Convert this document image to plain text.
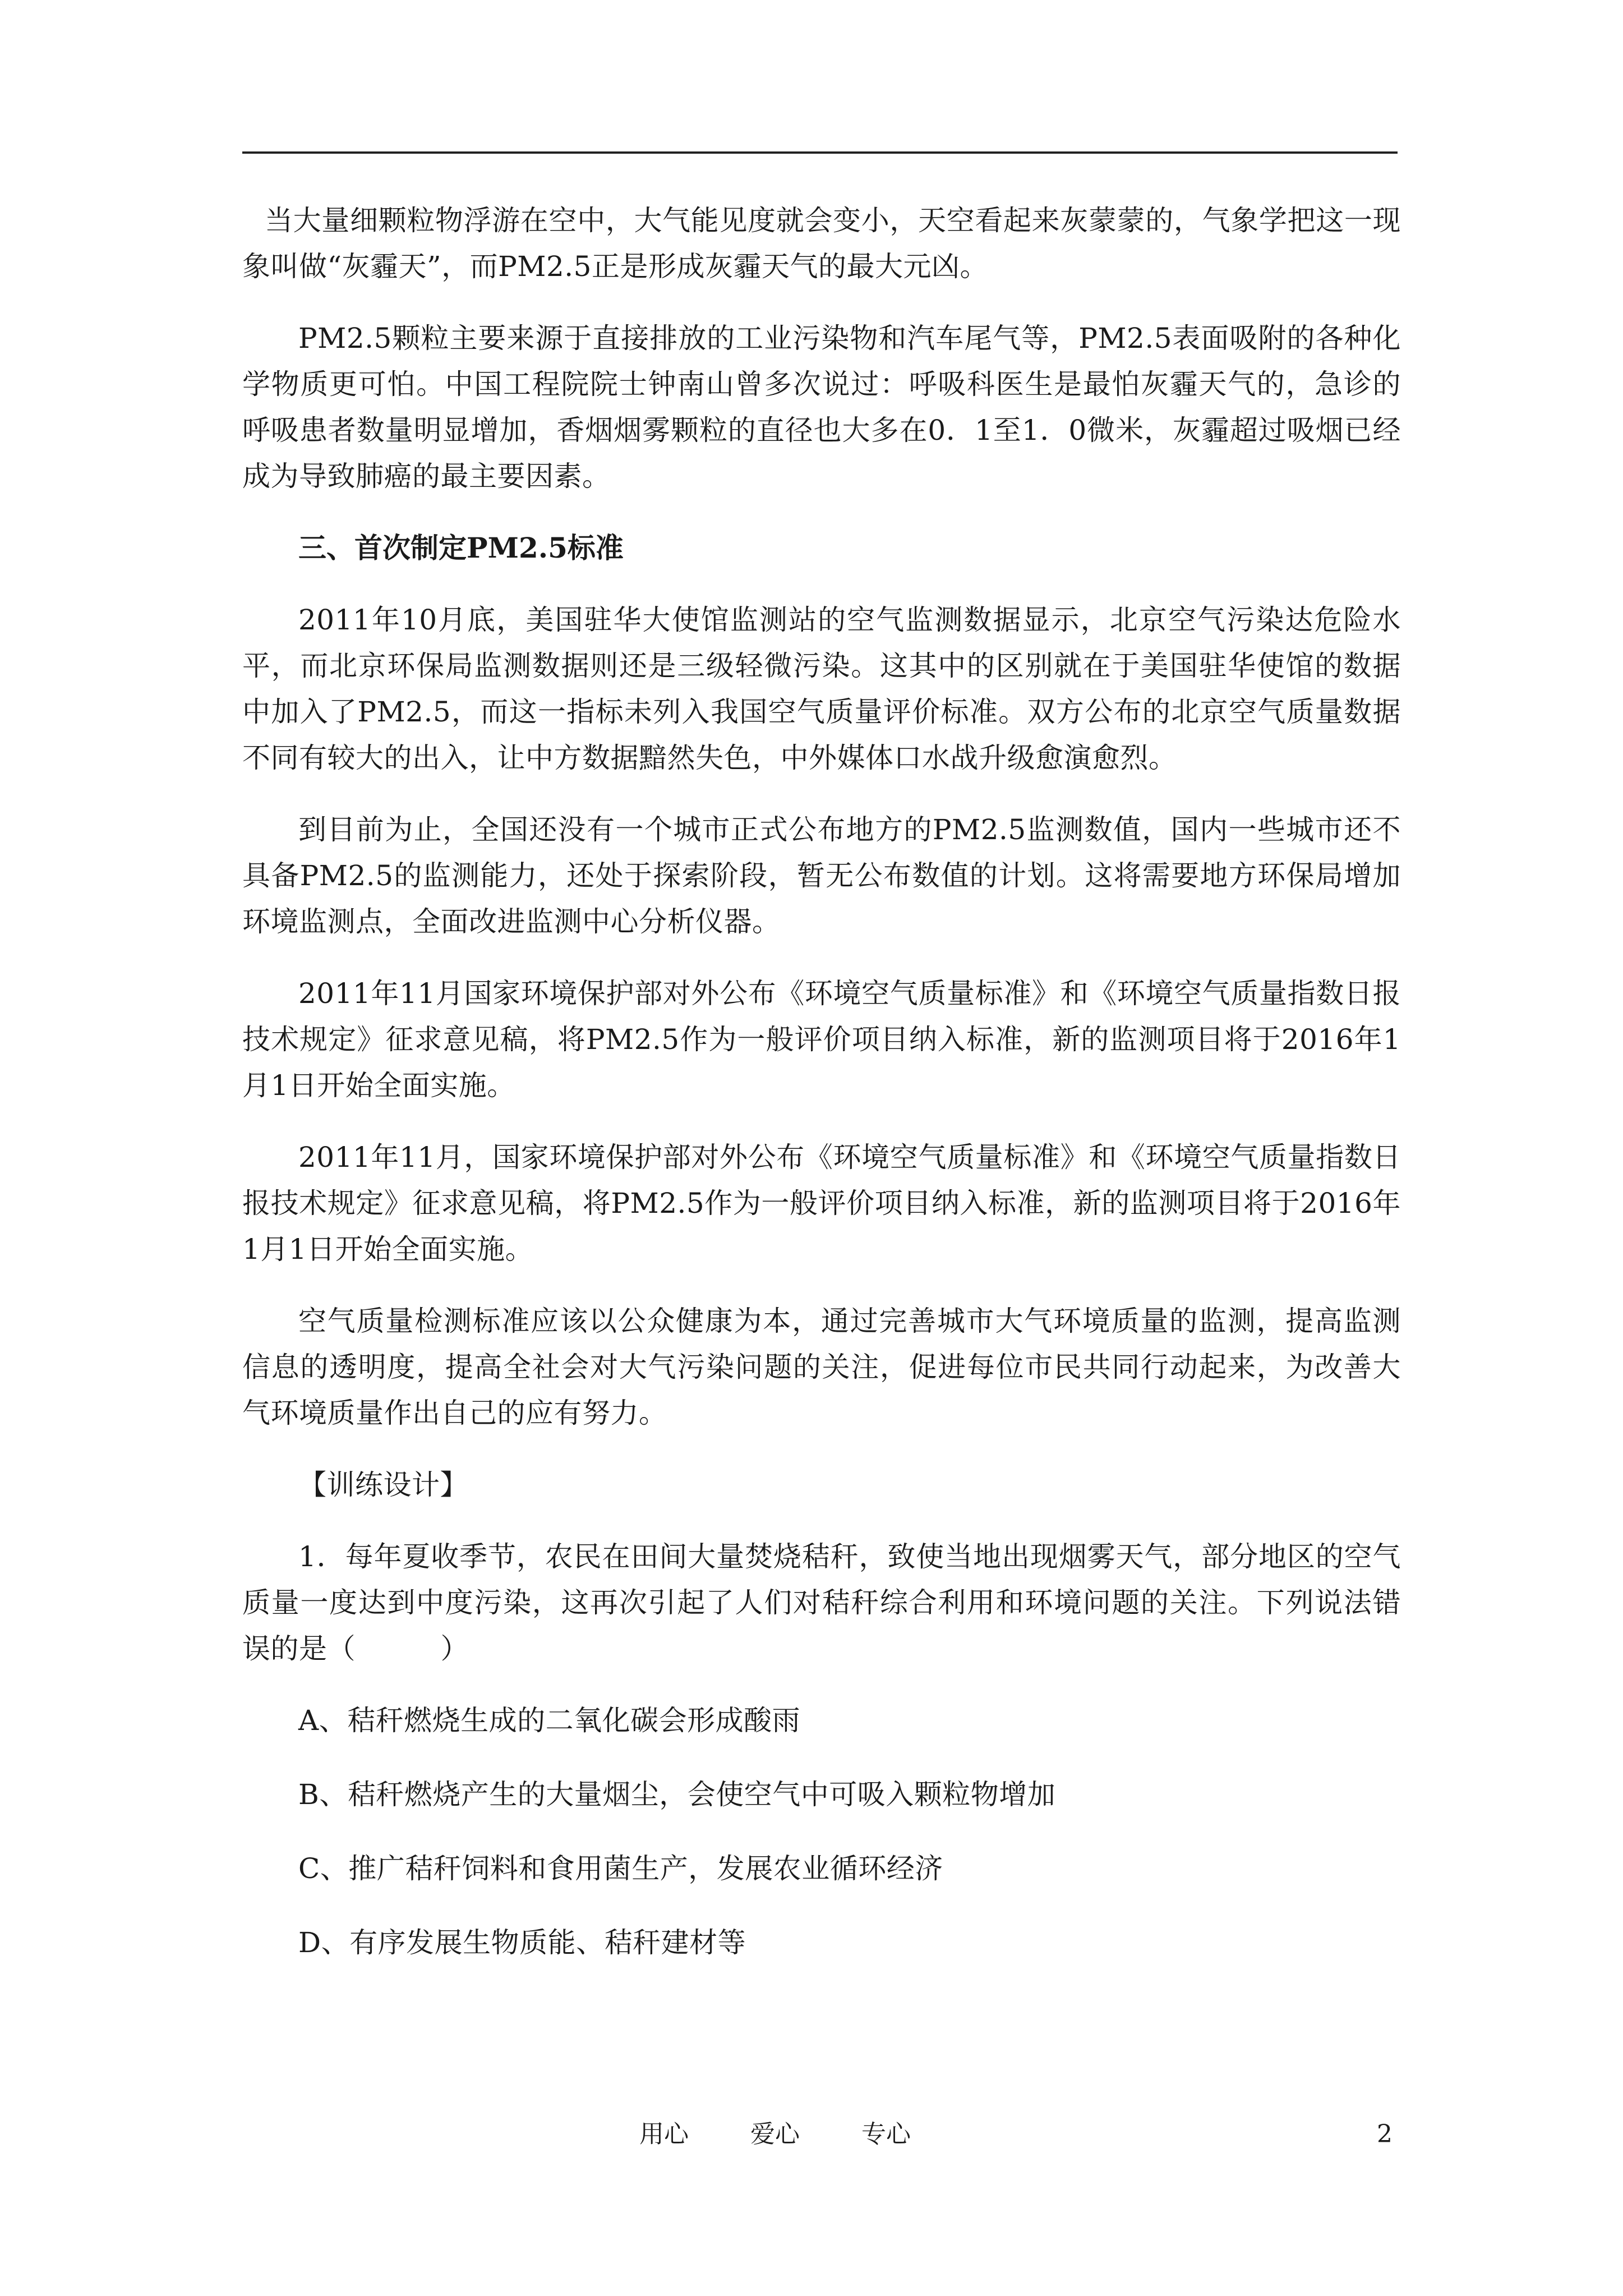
当大量细颗粒物浮游在空中，大气能见度就会变小，天空看起来灰蒙蒙的，气象学把这一现象叫做“灰霾天”，而PM2.5正是形成灰霾天气的最大元凶。

PM2.5颗粒主要来源于直接排放的工业污染物和汽车尾气等，PM2.5表面吸附的各种化学物质更可怕。中国工程院院士钟南山曾多次说过：呼吸科医生是最怕灰霾天气的，急诊的呼吸患者数量明显增加，香烟烟雾颗粒的直径也大多在0．1至1．0微米，灰霾超过吸烟已经成为导致肺癌的最主要因素。

三、首次制定PM2.5标准

2011年10月底，美国驻华大使馆监测站的空气监测数据显示，北京空气污染达危险水平，而北京环保局监测数据则还是三级轻微污染。这其中的区别就在于美国驻华使馆的数据中加入了PM2.5，而这一指标未列入我国空气质量评价标准。双方公布的北京空气质量数据不同有较大的出入，让中方数据黯然失色，中外媒体口水战升级愈演愈烈。

到目前为止，全国还没有一个城市正式公布地方的PM2.5监测数值，国内一些城市还不具备PM2.5的监测能力，还处于探索阶段，暂无公布数值的计划。这将需要地方环保局增加环境监测点，全面改进监测中心分析仪器。

2011年11月国家环境保护部对外公布《环境空气质量标准》和《环境空气质量指数日报技术规定》征求意见稿，将PM2.5作为一般评价项目纳入标准，新的监测项目将于2016年1月1日开始全面实施。

2011年11月，国家环境保护部对外公布《环境空气质量标准》和《环境空气质量指数日报技术规定》征求意见稿，将PM2.5作为一般评价项目纳入标准，新的监测项目将于2016年1月1日开始全面实施。

空气质量检测标准应该以公众健康为本，通过完善城市大气环境质量的监测，提高监测信息的透明度，提高全社会对大气污染问题的关注，促进每位市民共同行动起来，为改善大气环境质量作出自己的应有努力。

【训练设计】

1．每年夏收季节，农民在田间大量焚烧秸秆，致使当地出现烟雾天气，部分地区的空气质量一度达到中度污染，这再次引起了人们对秸秆综合利用和环境问题的关注。下列说法错误的是（　　　）

A、秸秆燃烧生成的二氧化碳会形成酸雨

B、秸秆燃烧产生的大量烟尘，会使空气中可吸入颗粒物增加

C、推广秸秆饲料和食用菌生产，发展农业循环经济

D、有序发展生物质能、秸秆建材等

用心	爱心	专心	2
